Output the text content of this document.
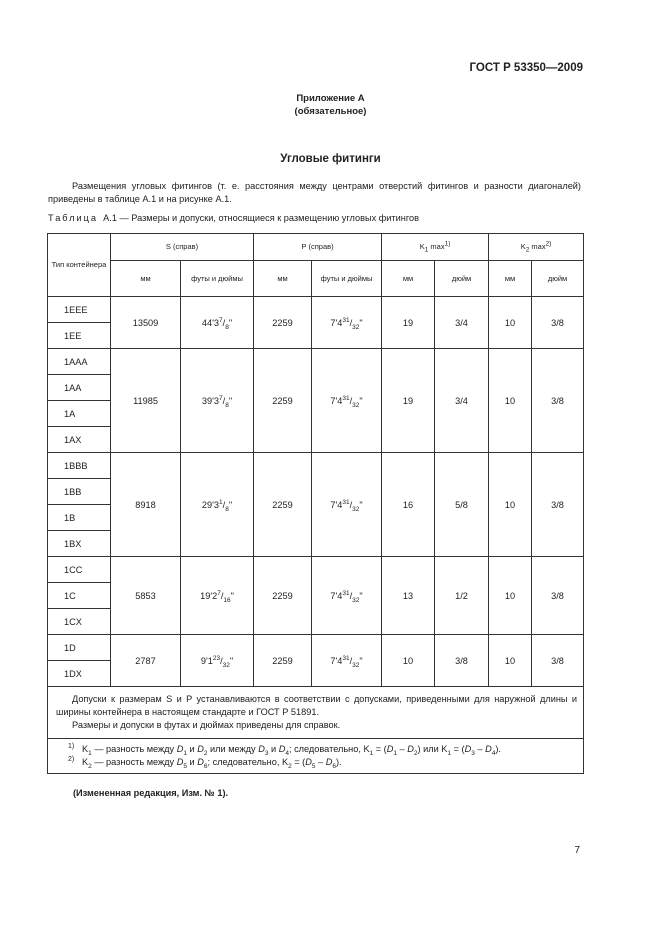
ГОСТ Р 53350—2009
Приложение А
(обязательное)
Угловые фитинги
Размещения угловых фитингов (т. е. расстояния между центрами отверстий фитингов и разности диагоналей) приведены в таблице А.1 и на рисунке А.1.
Таблица А.1 — Размеры и допуски, относящиеся к размещению угловых фитингов
Тип контейнера	S (справ)		Р (справ)		$K_1$ $\max^{1)}$		$K_2$ $\max^{2)}$
	мм	футы и дюймы	мм	футы и дюймы	мм	дюйм	мм	дюйм
1EEE	13509	$44'3^7/_8$"	2259	$7'4^{31}/_{32}$"	19	3/4	10	3/8
1EE								
1AAA	11985	$39'3^7/_8$"	2259	$7'4^{31}/_{32}$"	19	3/4	10	3/8
1AA								
1A								
1AX								
1BBB	8918	$29'3^1/_8$"	2259	$7'4^{31}/_{32}$"	16	5/8	10	3/8
1BB								
1B								
1BX								
1CC	5853	$19'2^7/_{16}$"	2259	$7'4^{31}/_{32}$"	13	1/2	10	3/8
1C								
1CX								
1D	2787	$9'1^{23}/_{32}$"	2259	$7'4^{31}/_{32}$"	10	3/8	10	3/8
1DX								

Допуски к размерам S и P устанавливаются в соответствии с допусками, приведенными для наружной длины и ширины контейнера в настоящем стандарте и ГОСТ Р 51891.
Размеры и допуски в футах и дюймах приведены для справок.								

1) $K_1$ — разность между $D_1$ и $D_2$ или между $D_3$ и $D_4$; следовательно, $K_1 = (D_1 - D_2)$ или $K_1 = (D_3 - D_4)$.
2) $K_2$ — разность между $D_5$ и $D_6$; следовательно, $K_2 = (D_5 - D_6)$.								
(Измененная редакция, Изм. № 1).
7
